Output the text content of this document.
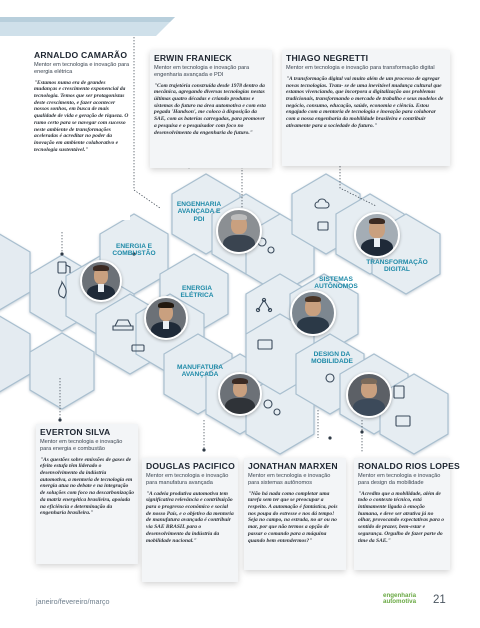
ENERGIA E COMBUSTÃO
ENGENHARIA AVANÇADA E PDI
ENERGIA ELÉTRICA
SISTEMAS AUTÔNOMOS
TRANSFORMAÇÃO DIGITAL
MANUFATURA AVANÇADA
DESIGN DA MOBILIDADE
ARNALDO CAMARÃO
Mentor em tecnologia e inovação para energia elétrica
"Estamos numa era de grandes mudanças e crescimento exponencial da tecnologia. Temos que ser protagonistas deste crescimento, e fazer acontecer nossos sonhos, em busca de mais qualidade de vida e geração de riqueza. O rumo certo para se navegar com sucesso neste ambiente de transformações aceleradas é acreditar no poder da inovação em ambiente colaborativo e tecnologia sustentável."
ERWIN FRANIECK
Mentor em tecnologia e inovação para engenharia avançada e PDI
"Com trajetória construída desde 1978 dentro da mecânica, agregando diversas tecnologias nestas últimas quatro décadas e criando produtos e sistemas do futuro na área automotiva e com esta pegada 'Handson', me coloco à disposição da SAE, com as baterias carregadas, para promover a pesquisa e o pesquisador com foco no desenvolvimento da engenharia do futuro."
THIAGO NEGRETTI
Mentor em tecnologia e inovação para transformação digital
"A transformação digital vai muito além de um processo de agregar novas tecnologias. Trata- se de uma inevitável mudança cultural que estamos vivenciando, que incorpora a digitalização aos problemas tradicionais, transformando o mercado de trabalho e seus modelos de negócio, consumo, educação, saúde, economia e ciência. Estou engajado com a mentoria de tecnologia e inovação para colaborar com a nossa engenharia da mobilidade brasileira e contribuir ativamente para a sociedade do futuro."
EVERTON SILVA
Mentor em tecnologia e inovação para energia e combustão
"As questões sobre emissões de gases de efeito estufa têm liderado o desenvolvimento da indústria automotiva, a mentoria de tecnologia em energia atua no debate e na integração de soluções com foco na descarbonização da matriz energética brasileira, apoiada na eficiência e determinação da engenharia brasileira."
DOUGLAS PACIFICO
Mentor em tecnologia e inovação para manufatura avançada
"A cadeia produtiva automotiva tem significativa relevância e contribuição para o progresso econômico e social de nosso País, e o objetivo da mentoria de manufatura avançada é contribuir via SAE BRASIL para o desenvolvimento da indústria da mobilidade nacional."
JONATHAN MARXEN
Mentor em tecnologia e inovação para sistemas autônomos
"Não há nada como completar uma tarefa sem ter que se preocupar a respeito. A automação é fantástica, pois nos poupa do estresse e nos dá tempo! Seja no campo, na estrada, no ar ou no mar, por que não termos a opção de passar o comando para a máquina quando bem entendermos?"
RONALDO RIOS LOPES
Mentor em tecnologia e inovação para design da mobilidade
"Acredito que a mobilidade, além de todo o contexto técnico, está intimamente ligada à emoção humana, e deve ser atrativa já no olhar, provocando expectativas para o sentido de prazer, bem-estar e segurança. Orgulho de fazer parte do time da SAE."
janeiro/fevereiro/março
engenharia
automotiva 21
